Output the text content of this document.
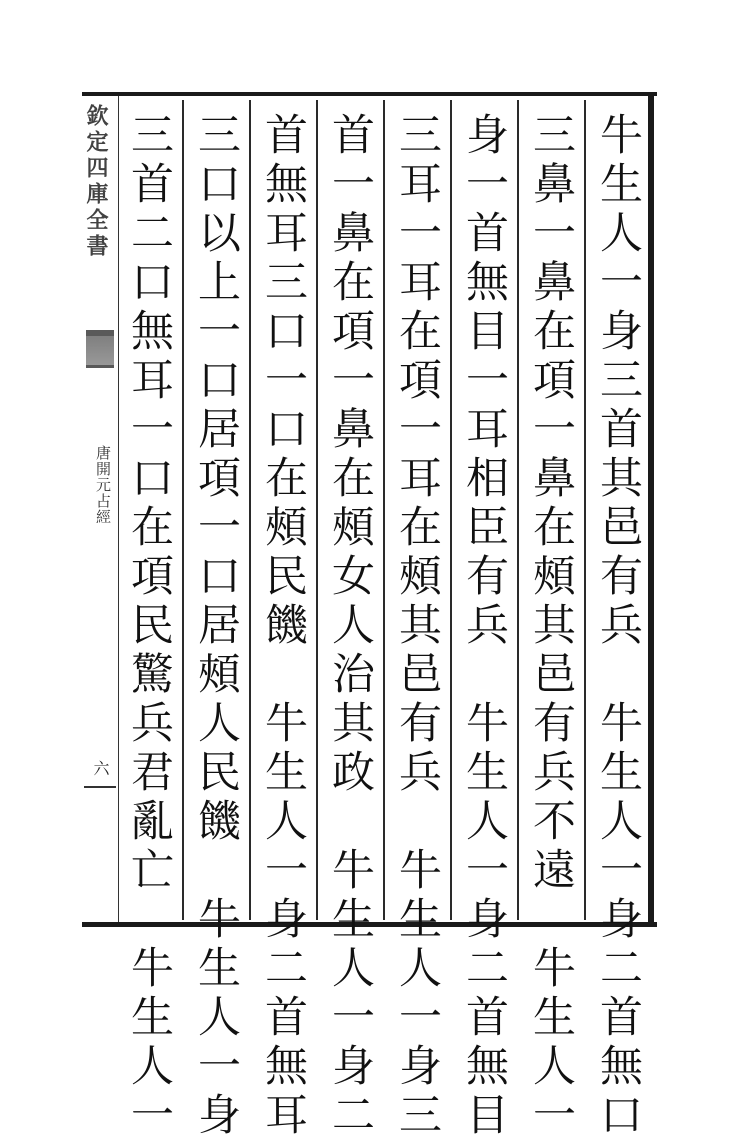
欽定四庫全書
唐開元占經
六	牛生人一身三首其邑有兵　牛生人一身二首無口
三鼻一鼻在項一鼻在頰其邑有兵不遠　牛生人一
身一首無目一耳相臣有兵　牛生人一身二首無目
三耳一耳在項一耳在頰其邑有兵　牛生人一身三
首一鼻在項一鼻在頰女人治其政　牛生人一身二
首無耳三口一口在頰民饑　牛生人一身二首無耳
三口以上一口居項一口居頰人民饑　牛生人一身
三首二口無耳一口在項民驚兵君亂亡　牛生人一
